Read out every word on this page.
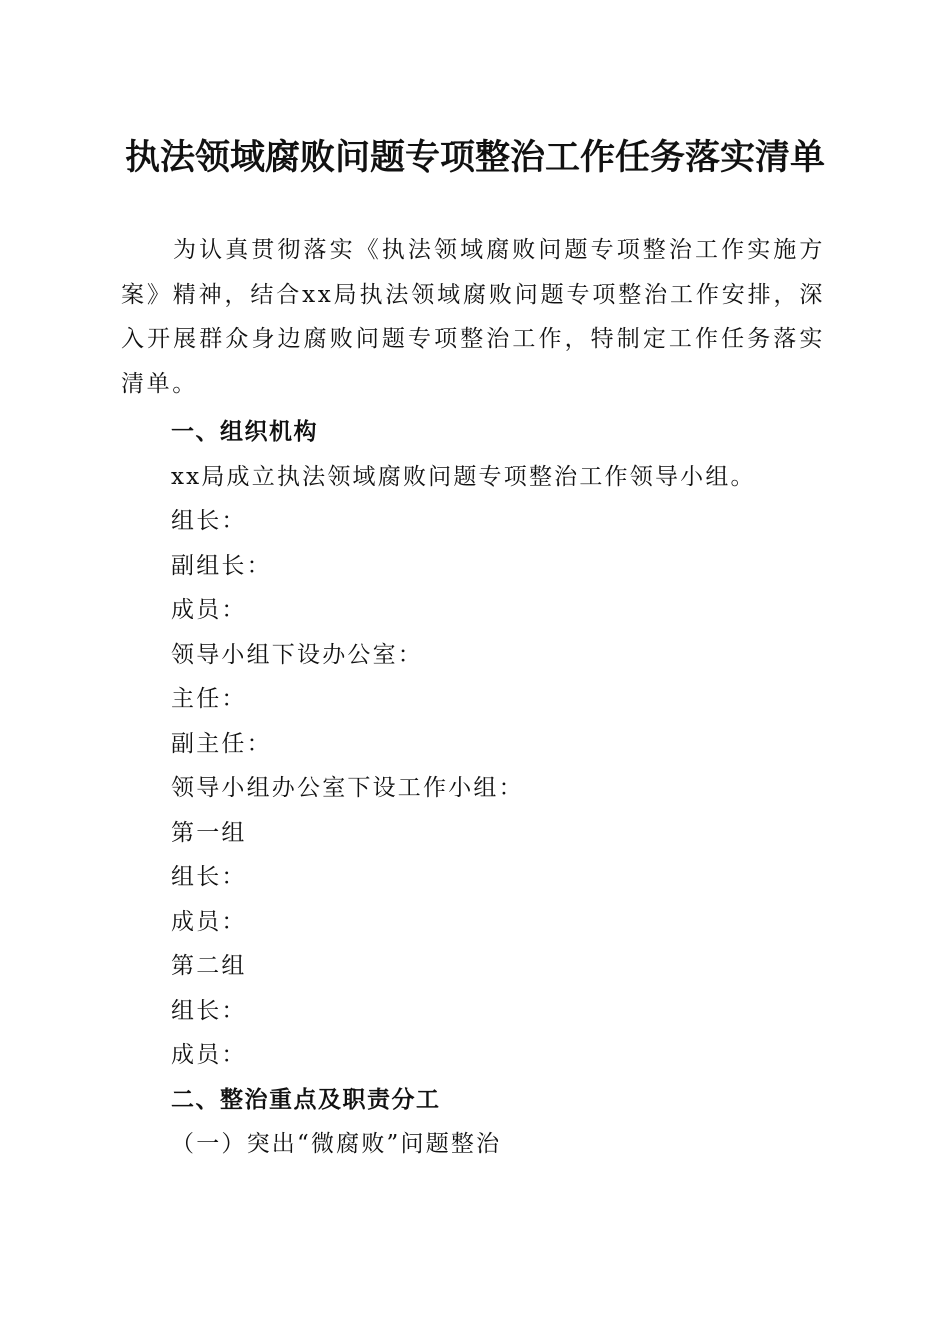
执法领域腐败问题专项整治工作任务落实清单

为认真贯彻落实《执法领域腐败问题专项整治工作实施方案》精神，结合xx局执法领域腐败问题专项整治工作安排，深入开展群众身边腐败问题专项整治工作，特制定工作任务落实清单。

一、组织机构

xx局成立执法领域腐败问题专项整治工作领导小组。

组长：

副组长：

成员：

领导小组下设办公室：

主任：

副主任：

领导小组办公室下设工作小组：

第一组

组长：

成员：

第二组

组长：

成员：

二、整治重点及职责分工

（一）突出“微腐败”问题整治
